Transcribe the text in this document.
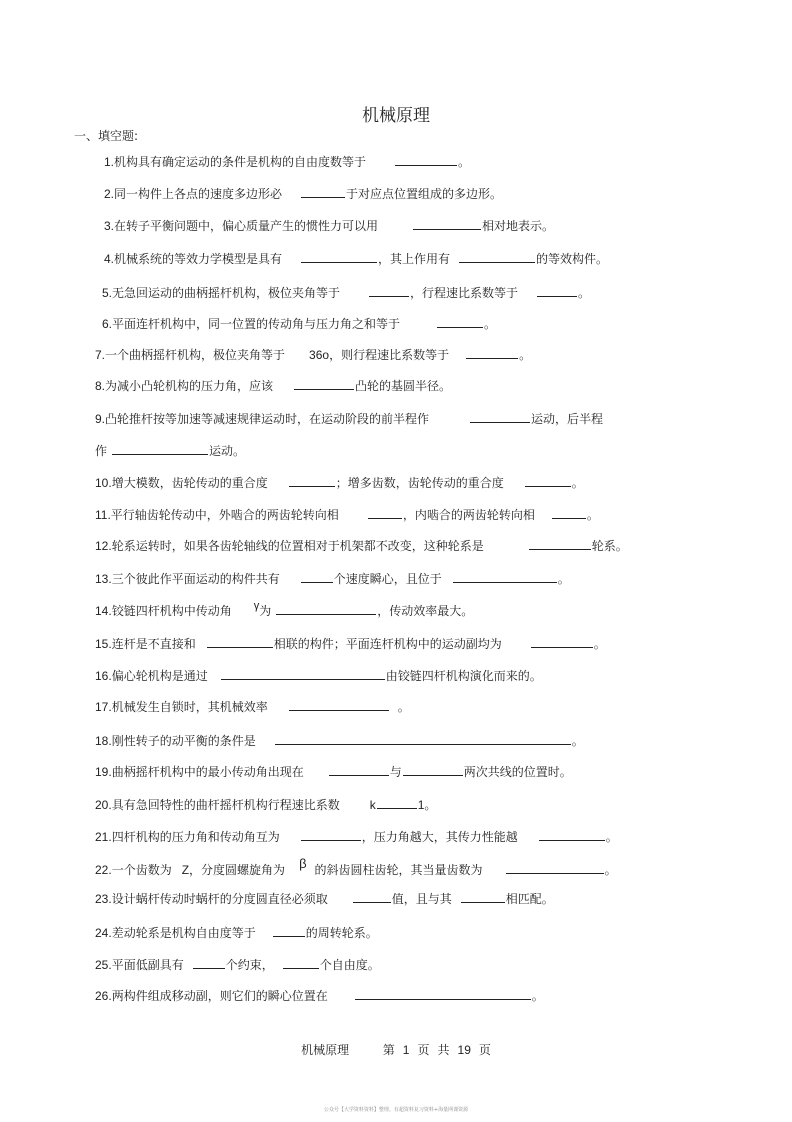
机械原理
一、填空题:
1.机构具有确定运动的条件是机构的自由度数等于	。
2.同一构件上各点的速度多边形必	于对应点位置组成的多边形。
3.在转子平衡问题中，偏心质量产生的惯性力可以用	相对地表示。
4.机械系统的等效力学模型是具有	，其上作用有	的等效构件。
5.无急回运动的曲柄摇杆机构，极位夹角等于	，行程速比系数等于	。
6.平面连杆机构中，同一位置的传动角与压力角之和等于	。
7.一个曲柄摇杆机构，极位夹角等于 36o，则行程速比系数等于	。
8.为减小凸轮机构的压力角，应该	凸轮的基圆半径。
9.凸轮推杆按等加速等减速规律运动时，在运动阶段的前半程作	运动，后半程
作	运动。
10.增大模数，齿轮传动的重合度	；增多齿数，齿轮传动的重合度	。
11.平行轴齿轮传动中，外啮合的两齿轮转向相	，内啮合的两齿轮转向相	。
12.轮系运转时，如果各齿轮轴线的位置相对于机架都不改变，这种轮系是	轮系。
13.三个彼此作平面运动的构件共有	个速度瞬心，且位于	。
14.铰链四杆机构中传动角 γ为	，传动效率最大。
15.连杆是不直接和	相联的构件；平面连杆机构中的运动副均为	。
16.偏心轮机构是通过	由铰链四杆机构演化而来的。
17.机械发生自锁时，其机械效率	。
18.刚性转子的动平衡的条件是	。
19.曲柄摇杆机构中的最小传动角出现在	与	两次共线的位置时。
20.具有急回特性的曲杆摇杆机构行程速比系数	k	1。
21.四杆机构的压力角和传动角互为	，压力角越大，其传力性能越	。
22.一个齿数为 Z，分度圆螺旋角为 β 的斜齿圆柱齿轮，其当量齿数为	。
23.设计蜗杆传动时蜗杆的分度圆直径必须取	值，且与其	相匹配。
24.差动轮系是机构自由度等于	的周转轮系。
25.平面低副具有	个约束，	个自由度。
26.两构件组成移动副，则它们的瞬心位置在	。
机械原理	第 1 页 共 19 页
公众号【大学资料资料】整理。有超资料复习资料+海量网课资源
